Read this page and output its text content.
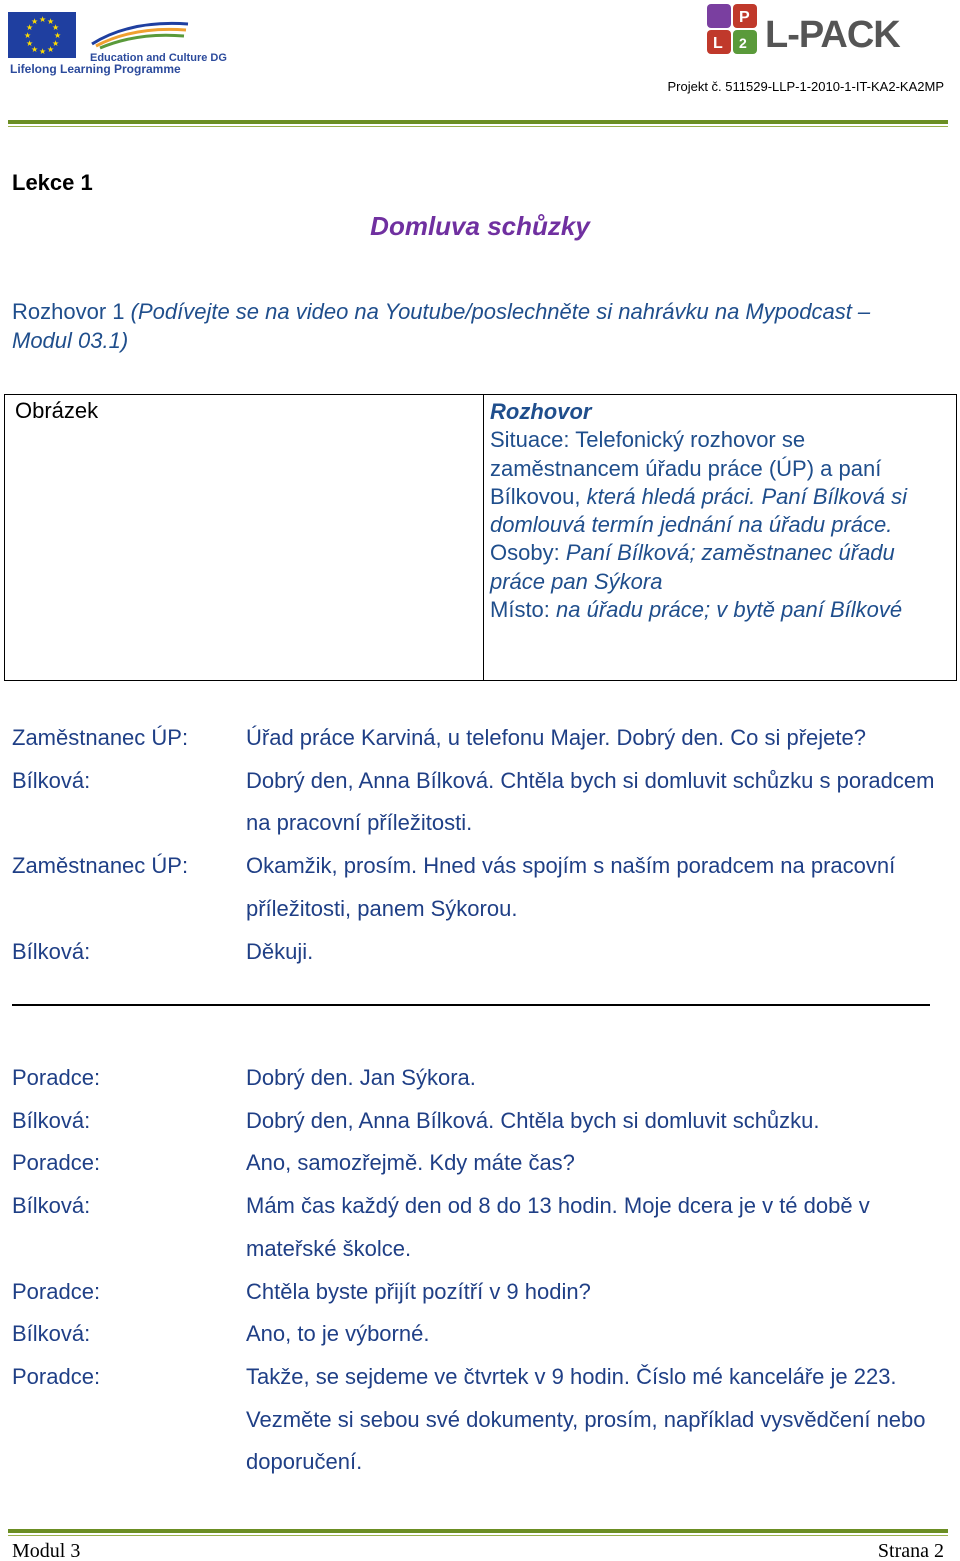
★ ★
★
★
★
★
★
★
★
★
★
★
Education and Culture DG
Lifelong Learning Programme
P
L 2 L-PACK
Projekt č. 511529-LLP-1-2010-1-IT-KA2-KA2MP
Lekce 1
Domluva schůzky
Rozhovor 1 (Podívejte se na video na Youtube/poslechněte si nahrávku na Mypodcast – Modul 03.1)
Obrázek	Rozhovor
Situace: Telefonický rozhovor se zaměstnancem úřadu práce (ÚP) a paní Bílkovou, která hledá práci. Paní Bílková si domlouvá termín jednání na úřadu práce.
Osoby: Paní Bílková; zaměstnanec úřadu práce pan Sýkora
Místo: na úřadu práce; v bytě paní Bílkové
Zaměstnanec ÚP:	Úřad práce Karviná, u telefonu Majer. Dobrý den. Co si přejete?
Bílková:	Dobrý den, Anna Bílková. Chtěla bych si domluvit schůzku s poradcem na pracovní příležitosti.
Zaměstnanec ÚP:	Okamžik, prosím. Hned vás spojím s naším poradcem na pracovní příležitosti, panem Sýkorou.
Bílková:	Děkuji.
Poradce:	Dobrý den. Jan Sýkora.
Bílková:	Dobrý den, Anna Bílková. Chtěla bych si domluvit schůzku.
Poradce:	Ano, samozřejmě. Kdy máte čas?
Bílková:	Mám čas každý den od 8 do 13 hodin. Moje dcera je v té době v mateřské školce.
Poradce:	Chtěla byste přijít pozítří v 9 hodin?
Bílková:	Ano, to je výborné.
Poradce:	Takže, se sejdeme ve čtvrtek v 9 hodin. Číslo mé kanceláře je 223. Vezměte si sebou své dokumenty, prosím, například vysvědčení nebo doporučení.
Modul 3	Strana 2
